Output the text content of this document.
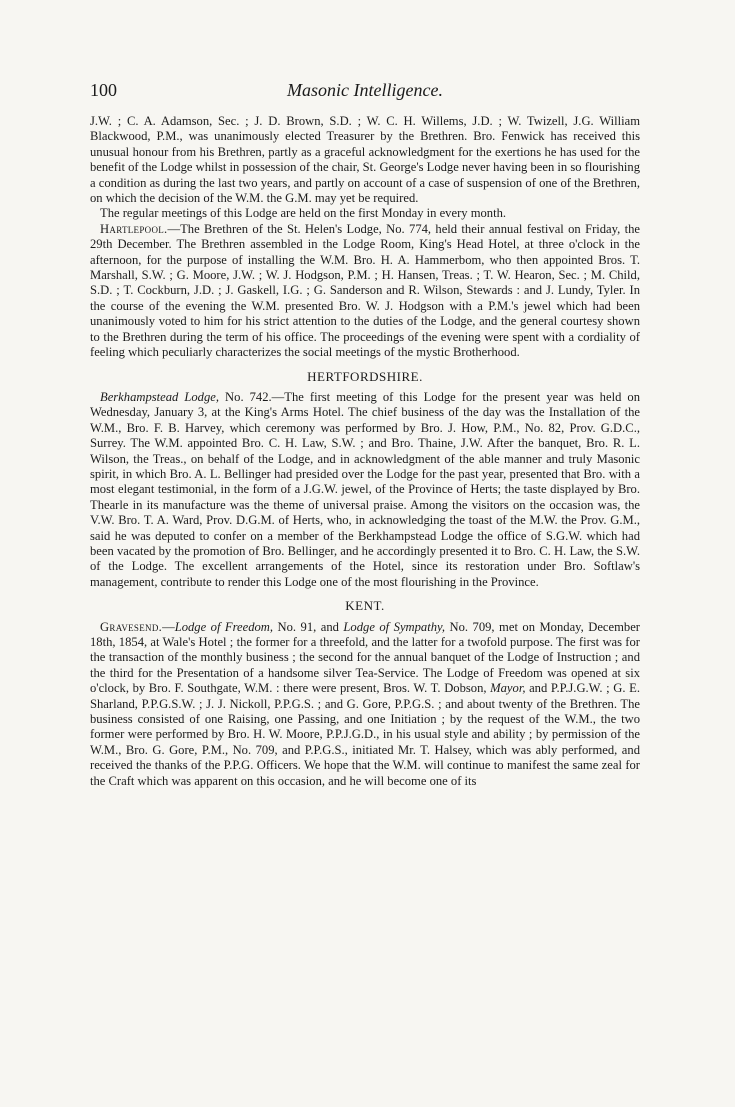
100	Masonic Intelligence.

J.W. ; C. A. Adamson, Sec. ; J. D. Brown, S.D. ; W. C. H. Willems, J.D. ; W. Twizell, J.G. William Blackwood, P.M., was unanimously elected Treasurer by the Brethren. Bro. Fenwick has received this unusual honour from his Brethren, partly as a graceful acknowledgment for the exertions he has used for the benefit of the Lodge whilst in possession of the chair, St. George's Lodge never having been in so flourishing a condition as during the last two years, and partly on account of a case of suspension of one of the Brethren, on which the decision of the W.M. the G.M. may yet be required.

The regular meetings of this Lodge are held on the first Monday in every month.

Hartlepool.—The Brethren of the St. Helen's Lodge, No. 774, held their annual festival on Friday, the 29th December. The Brethren assembled in the Lodge Room, King's Head Hotel, at three o'clock in the afternoon, for the purpose of installing the W.M. Bro. H. A. Hammerbom, who then appointed Bros. T. Marshall, S.W. ; G. Moore, J.W. ; W. J. Hodgson, P.M. ; H. Hansen, Treas. ; T. W. Hearon, Sec. ; M. Child, S.D. ; T. Cockburn, J.D. ; J. Gaskell, I.G. ; G. Sanderson and R. Wilson, Stewards : and J. Lundy, Tyler. In the course of the evening the W.M. presented Bro. W. J. Hodgson with a P.M.'s jewel which had been unanimously voted to him for his strict attention to the duties of the Lodge, and the general courtesy shown to the Brethren during the term of his office. The proceedings of the evening were spent with a cordiality of feeling which peculiarly characterizes the social meetings of the mystic Brotherhood.

HERTFORDSHIRE.

Berkhampstead Lodge, No. 742.—The first meeting of this Lodge for the present year was held on Wednesday, January 3, at the King's Arms Hotel. The chief business of the day was the Installation of the W.M., Bro. F. B. Harvey, which ceremony was performed by Bro. J. How, P.M., No. 82, Prov. G.D.C., Surrey. The W.M. appointed Bro. C. H. Law, S.W. ; and Bro. Thaine, J.W. After the banquet, Bro. R. L. Wilson, the Treas., on behalf of the Lodge, and in acknowledgment of the able manner and truly Masonic spirit, in which Bro. A. L. Bellinger had presided over the Lodge for the past year, presented that Bro. with a most elegant testimonial, in the form of a J.G.W. jewel, of the Province of Herts; the taste displayed by Bro. Thearle in its manufacture was the theme of universal praise. Among the visitors on the occasion was, the V.W. Bro. T. A. Ward, Prov. D.G.M. of Herts, who, in acknowledging the toast of the M.W. the Prov. G.M., said he was deputed to confer on a member of the Berkhampstead Lodge the office of S.G.W. which had been vacated by the promotion of Bro. Bellinger, and he accordingly presented it to Bro. C. H. Law, the S.W. of the Lodge. The excellent arrangements of the Hotel, since its restoration under Bro. Softlaw's management, contribute to render this Lodge one of the most flourishing in the Province.

KENT.

Gravesend.—Lodge of Freedom, No. 91, and Lodge of Sympathy, No. 709, met on Monday, December 18th, 1854, at Wale's Hotel ; the former for a threefold, and the latter for a twofold purpose. The first was for the transaction of the monthly business ; the second for the annual banquet of the Lodge of Instruction ; and the third for the Presentation of a handsome silver Tea-Service. The Lodge of Freedom was opened at six o'clock, by Bro. F. Southgate, W.M. : there were present, Bros. W. T. Dobson, Mayor, and P.P.J.G.W. ; G. E. Sharland, P.P.G.S.W. ; J. J. Nickoll, P.P.G.S. ; and G. Gore, P.P.G.S. ; and about twenty of the Brethren. The business consisted of one Raising, one Passing, and one Initiation ; by the request of the W.M., the two former were performed by Bro. H. W. Moore, P.P.J.G.D., in his usual style and ability ; by permission of the W.M., Bro. G. Gore, P.M., No. 709, and P.P.G.S., initiated Mr. T. Halsey, which was ably performed, and received the thanks of the P.P.G. Officers. We hope that the W.M. will continue to manifest the same zeal for the Craft which was apparent on this occasion, and he will become one of its
